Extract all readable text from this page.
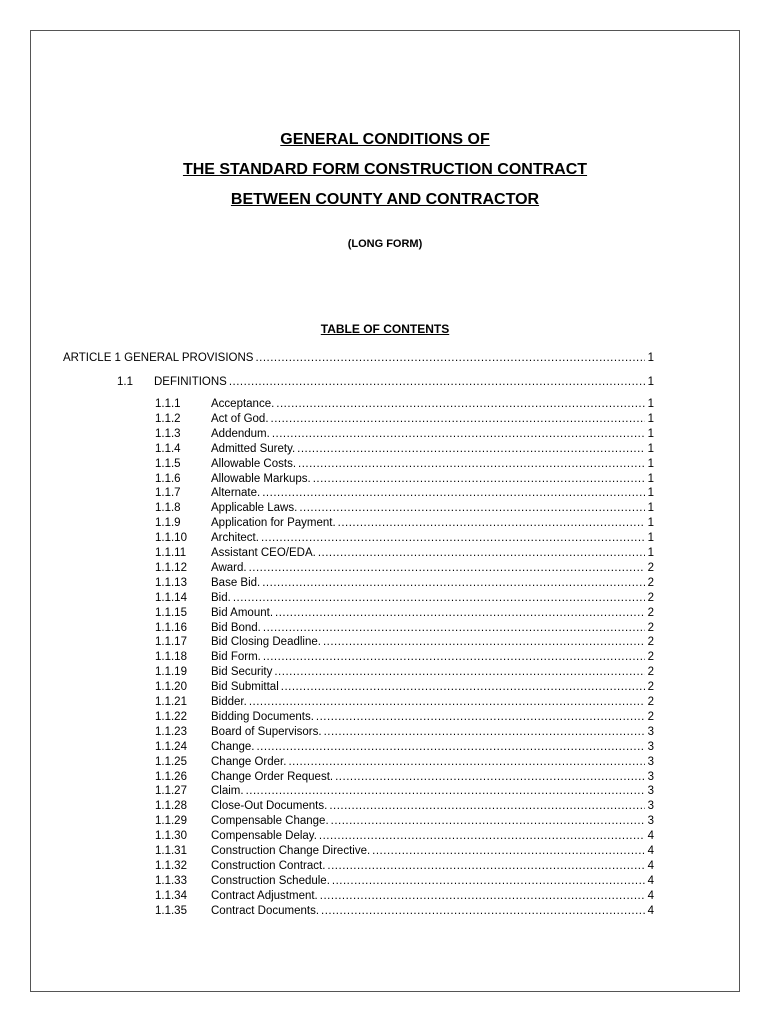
GENERAL CONDITIONS OF
THE STANDARD FORM CONSTRUCTION CONTRACT
BETWEEN COUNTY AND CONTRACTOR
(LONG FORM)
TABLE OF CONTENTS
ARTICLE 1 GENERAL PROVISIONS .....	1
1.1	DEFINITIONS .....	1
1.1.1	Acceptance. .....	1
1.1.2	Act of God. .....	1
1.1.3	Addendum. .....	1
1.1.4	Admitted Surety. .....	1
1.1.5	Allowable Costs. .....	1
1.1.6	Allowable Markups. .....	1
1.1.7	Alternate. .....	1
1.1.8	Applicable Laws. .....	1
1.1.9	Application for Payment. .....	1
1.1.10	Architect. .....	1
1.1.11	Assistant CEO/EDA. .....	1
1.1.12	Award. .....	2
1.1.13	Base Bid. .....	2
1.1.14	Bid. .....	2
1.1.15	Bid Amount. .....	2
1.1.16	Bid Bond. .....	2
1.1.17	Bid Closing Deadline. .....	2
1.1.18	Bid Form. .....	2
1.1.19	Bid Security .....	2
1.1.20	Bid Submittal .....	2
1.1.21	Bidder. .....	2
1.1.22	Bidding Documents. .....	2
1.1.23	Board of Supervisors. .....	3
1.1.24	Change. .....	3
1.1.25	Change Order. .....	3
1.1.26	Change Order Request. .....	3
1.1.27	Claim. .....	3
1.1.28	Close-Out Documents. .....	3
1.1.29	Compensable Change. .....	3
1.1.30	Compensable Delay. .....	4
1.1.31	Construction Change Directive. .....	4
1.1.32	Construction Contract. .....	4
1.1.33	Construction Schedule. .....	4
1.1.34	Contract Adjustment. .....	4
1.1.35	Contract Documents. .....	4
